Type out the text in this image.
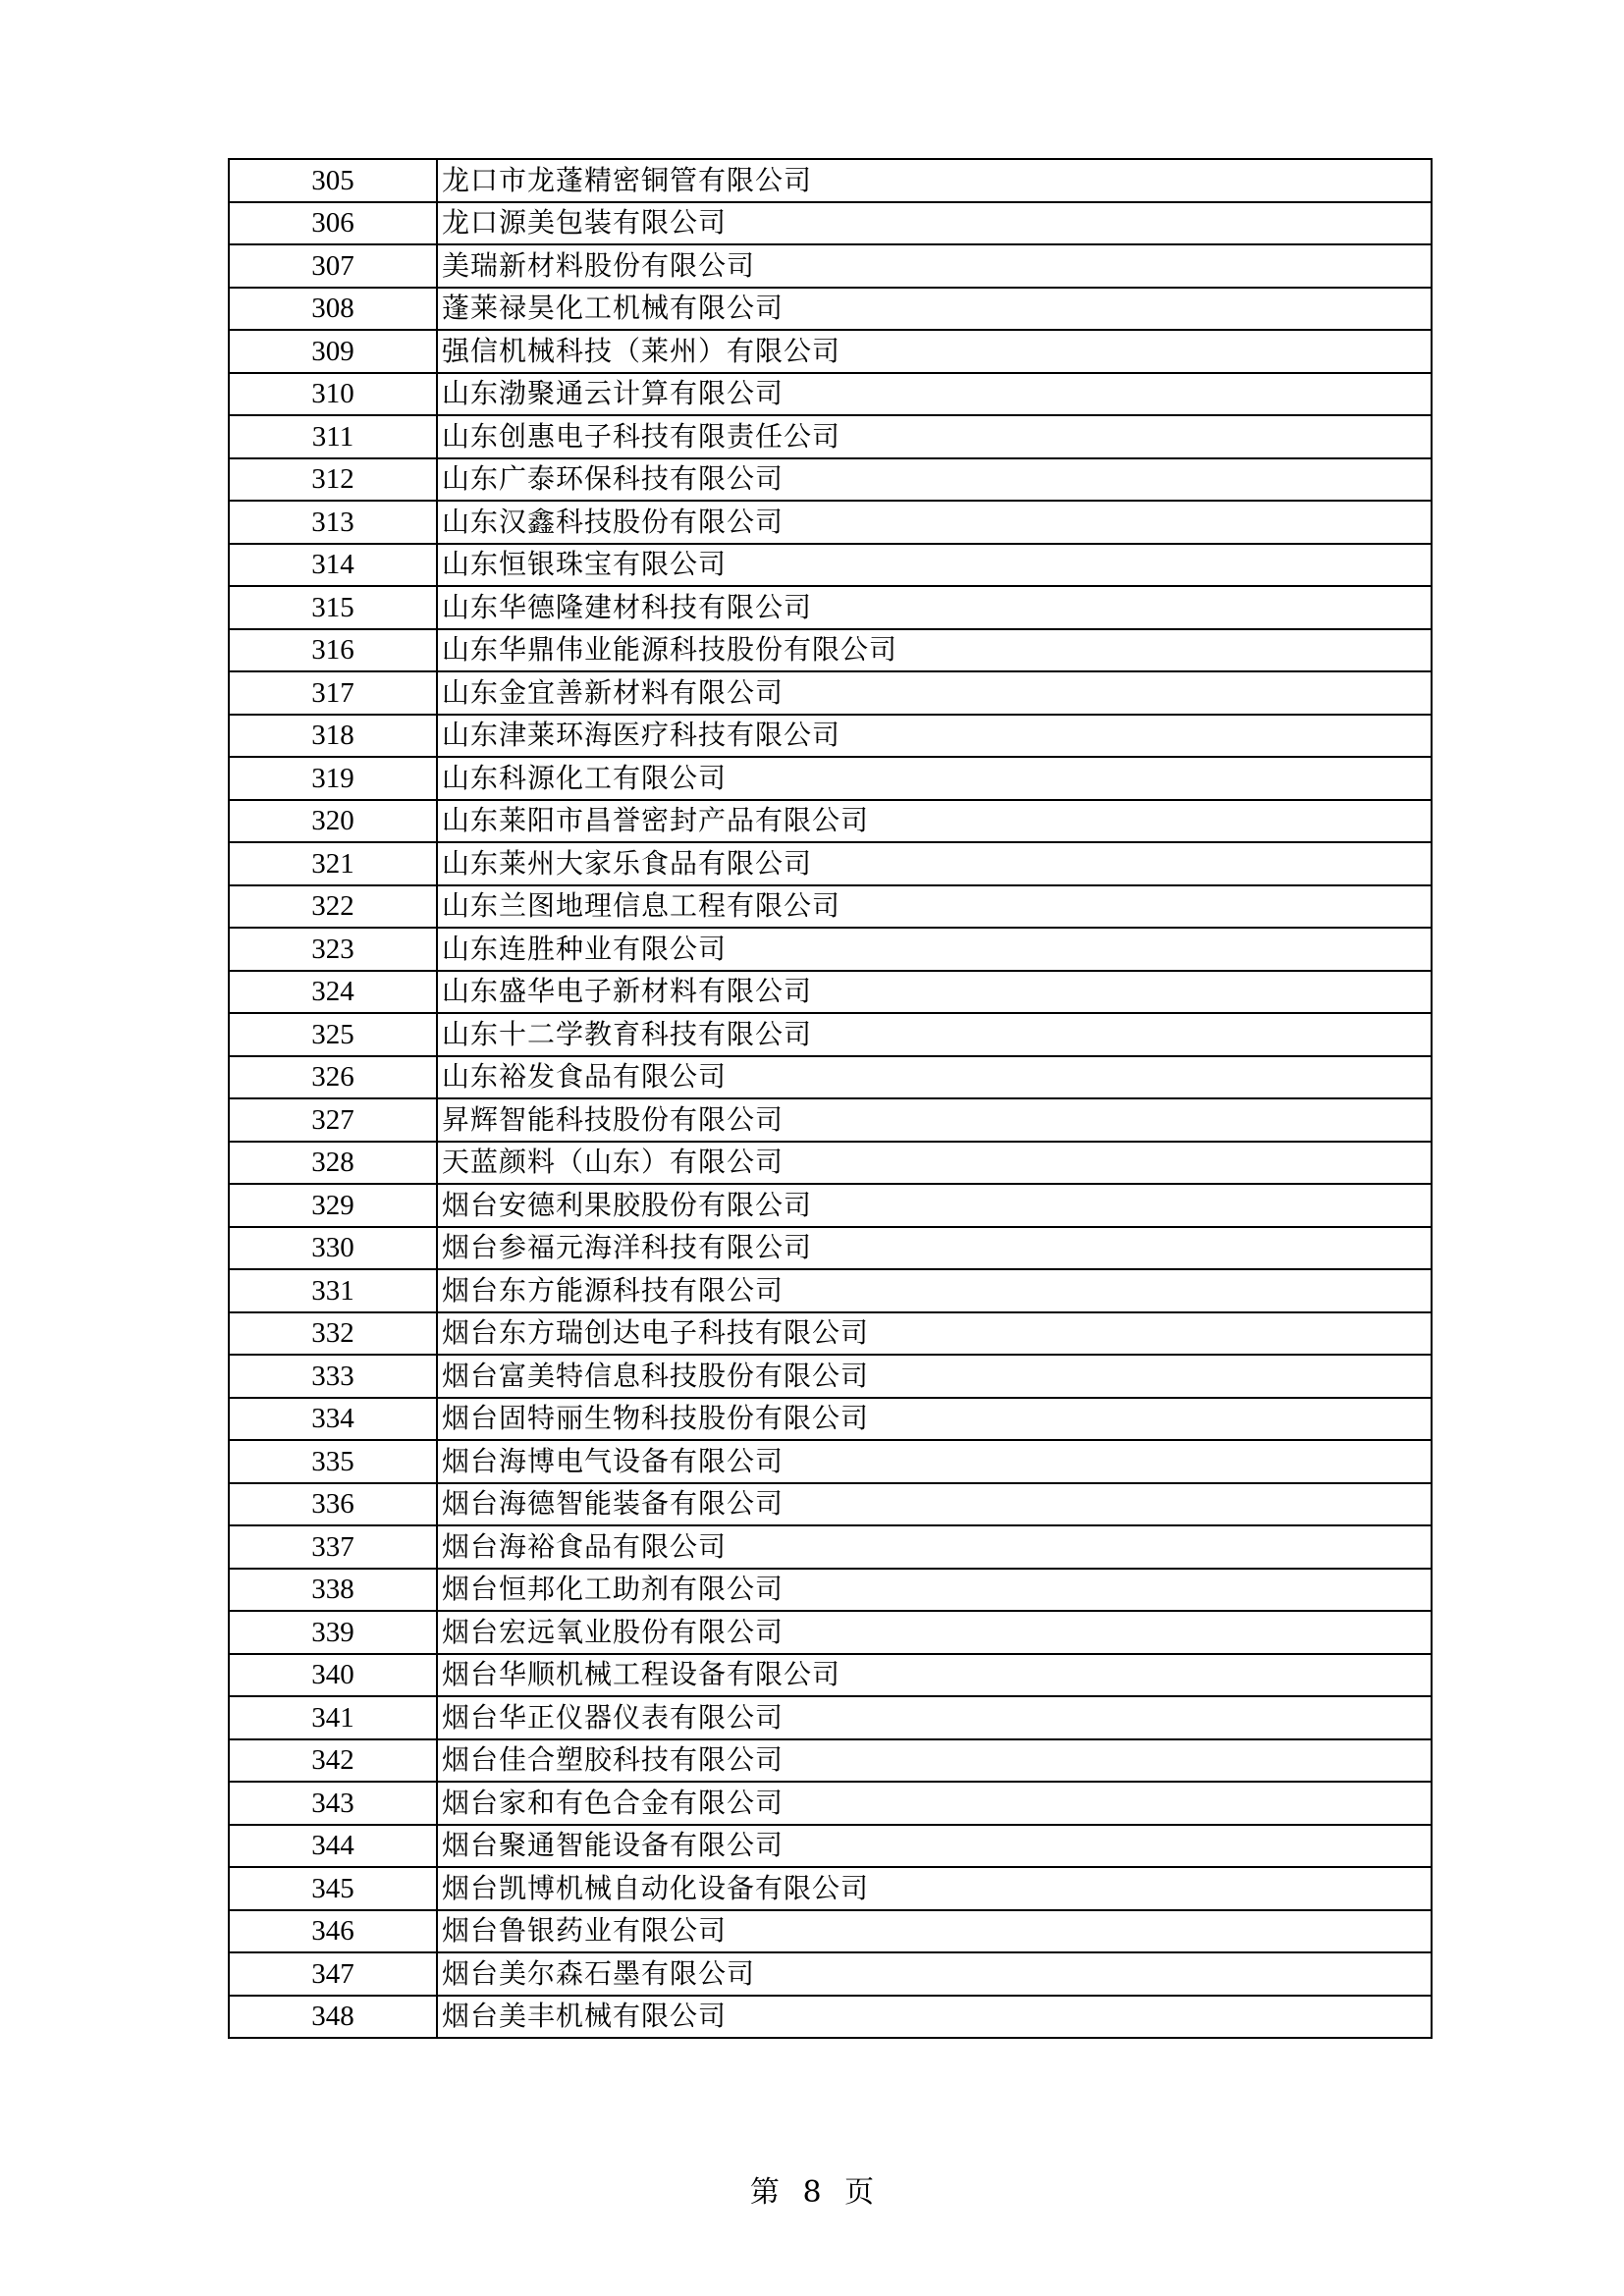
305	龙口市龙蓬精密铜管有限公司
306	龙口源美包装有限公司
307	美瑞新材料股份有限公司
308	蓬莱禄昊化工机械有限公司
309	强信机械科技（莱州）有限公司
310	山东渤聚通云计算有限公司
311	山东创惠电子科技有限责任公司
312	山东广泰环保科技有限公司
313	山东汉鑫科技股份有限公司
314	山东恒银珠宝有限公司
315	山东华德隆建材科技有限公司
316	山东华鼎伟业能源科技股份有限公司
317	山东金宜善新材料有限公司
318	山东津莱环海医疗科技有限公司
319	山东科源化工有限公司
320	山东莱阳市昌誉密封产品有限公司
321	山东莱州大家乐食品有限公司
322	山东兰图地理信息工程有限公司
323	山东连胜种业有限公司
324	山东盛华电子新材料有限公司
325	山东十二学教育科技有限公司
326	山东裕发食品有限公司
327	昇辉智能科技股份有限公司
328	天蓝颜料（山东）有限公司
329	烟台安德利果胶股份有限公司
330	烟台参福元海洋科技有限公司
331	烟台东方能源科技有限公司
332	烟台东方瑞创达电子科技有限公司
333	烟台富美特信息科技股份有限公司
334	烟台固特丽生物科技股份有限公司
335	烟台海博电气设备有限公司
336	烟台海德智能装备有限公司
337	烟台海裕食品有限公司
338	烟台恒邦化工助剂有限公司
339	烟台宏远氧业股份有限公司
340	烟台华顺机械工程设备有限公司
341	烟台华正仪器仪表有限公司
342	烟台佳合塑胶科技有限公司
343	烟台家和有色合金有限公司
344	烟台聚通智能设备有限公司
345	烟台凯博机械自动化设备有限公司
346	烟台鲁银药业有限公司
347	烟台美尔森石墨有限公司
348	烟台美丰机械有限公司
第 8 页
